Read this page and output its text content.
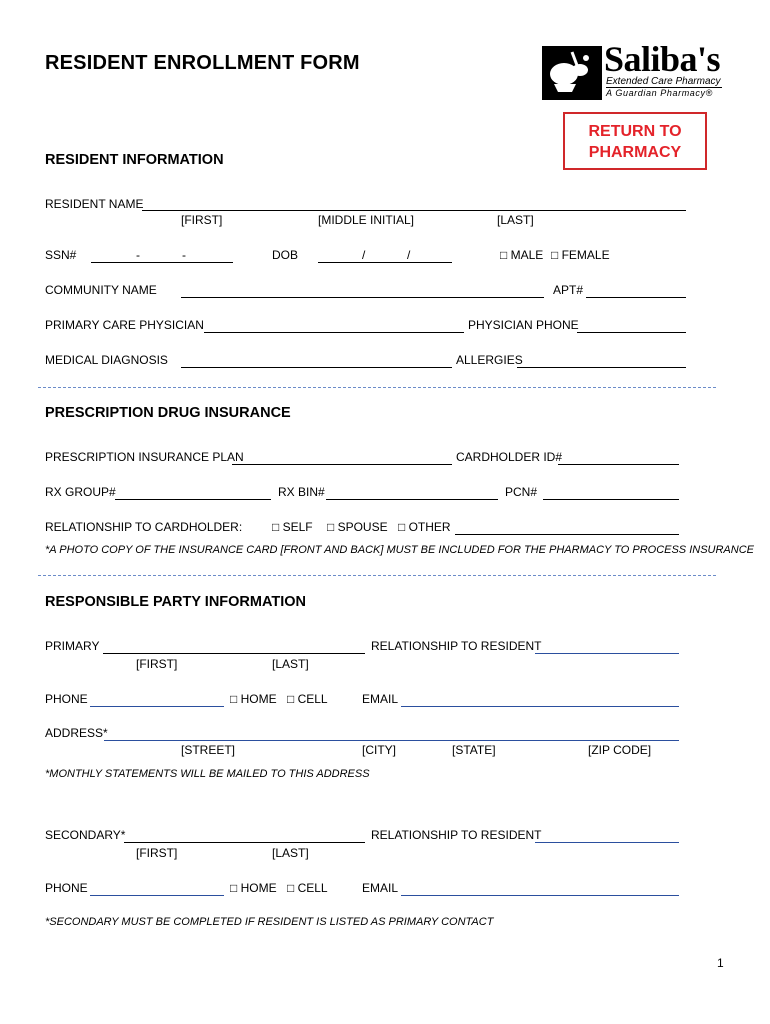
RESIDENT ENROLLMENT FORM	Saliba's
Extended Care Pharmacy
A Guardian Pharmacy®
RETURN TO
PHARMACY
RESIDENT INFORMATION
RESIDENT NAME
[FIRST]	[MIDDLE INITIAL]	[LAST]
SSN#	-	-	DOB	/	/	□ MALE □ FEMALE
COMMUNITY NAME	APT#
PRIMARY CARE PHYSICIAN	PHYSICIAN PHONE
MEDICAL DIAGNOSIS	ALLERGIES
PRESCRIPTION DRUG INSURANCE
PRESCRIPTION INSURANCE PLAN	CARDHOLDER ID#
RX GROUP#	RX BIN#	PCN#
RELATIONSHIP TO CARDHOLDER: □ SELF □ SPOUSE □ OTHER
*A PHOTO COPY OF THE INSURANCE CARD [FRONT AND BACK] MUST BE INCLUDED FOR THE PHARMACY TO PROCESS INSURANCE
RESPONSIBLE PARTY INFORMATION
PRIMARY	RELATIONSHIP TO RESIDENT
[FIRST]	[LAST]
PHONE	□ HOME □ CELL	EMAIL
ADDRESS*
[STREET]	[CITY]	[STATE]	[ZIP CODE]
*MONTHLY STATEMENTS WILL BE MAILED TO THIS ADDRESS
SECONDARY*	RELATIONSHIP TO RESIDENT
[FIRST]	[LAST]
PHONE	□ HOME □ CELL	EMAIL
*SECONDARY MUST BE COMPLETED IF RESIDENT IS LISTED AS PRIMARY CONTACT
1
